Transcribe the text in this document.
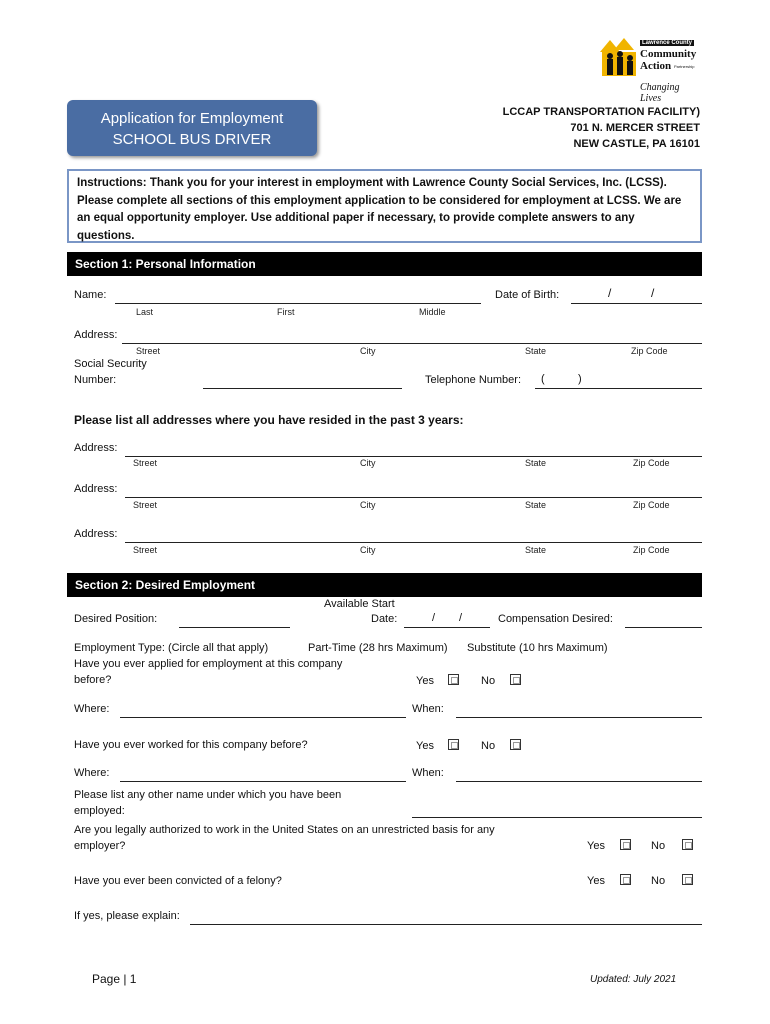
Lawrence County
Community
Action Partnership
Changing Lives
Application for Employment
SCHOOL BUS DRIVER
LCCAP TRANSPORTATION FACILITY)
701 N. MERCER STREET
NEW CASTLE, PA 16101
Instructions: Thank you for your interest in employment with Lawrence County Social Services, Inc. (LCSS). Please complete all sections of this employment application to be considered for employment at LCSS. We are an equal opportunity employer. Use additional paper if necessary, to provide complete answers to any questions.
Section 1: Personal Information
Name:	Date of Birth:	/	/
Last	First	Middle
Address:
Street	City	State	Zip Code
Social Security
Number:	Telephone Number: (	)
Please list all addresses where you have resided in the past 3 years:
Address:
Street	City	State	Zip Code
Address:
Street	City	State	Zip Code
Address:
Street	City	State	Zip Code
Section 2: Desired Employment
Desired Position:
Available Start
Date:	/ /	Compensation Desired:
Employment Type: (Circle all that apply)	Part-Time (28 hrs Maximum) Substitute (10 hrs Maximum)
Have you ever applied for employment at this company
before?	Yes	No
Where:	When:
Have you ever worked for this company before?	Yes	No
Where:	When:
Please list any other name under which you have been
employed:
Are you legally authorized to work in the United States on an unrestricted basis for any
employer?	Yes	No
Have you ever been convicted of a felony?	Yes	No
If yes, please explain:
Page | 1	Updated: July 2021
